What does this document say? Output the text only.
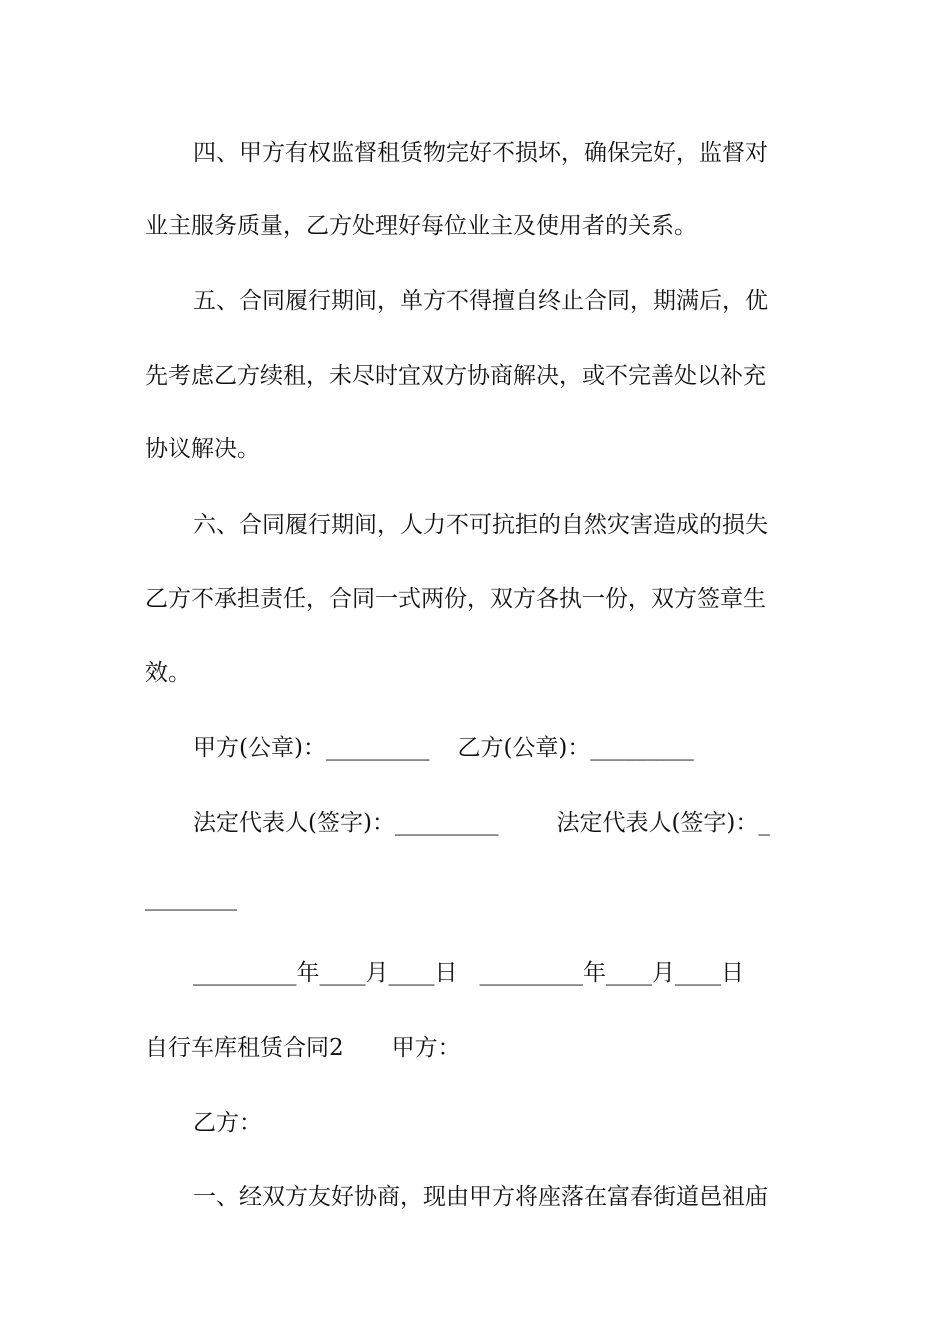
四、甲方有权监督租赁物完好不损坏，确保完好，监督对
业主服务质量，乙方处理好每位业主及使用者的关系。
五、合同履行期间，单方不得擅自终止合同，期满后，优
先考虑乙方续租，未尽时宜双方协商解决，或不完善处以补充
协议解决。
六、合同履行期间，人力不可抗拒的自然灾害造成的损失
乙方不承担责任，合同一式两份，双方各执一份，双方签章生
效。
甲方(公章)：_________ 乙方(公章)：_________
法定代表人(签字)：_________	法定代表人(签字)：_
________
_________年____月____日 _________年____月____日
自行车库租赁合同2 甲方：
乙方：
一、经双方友好协商，现由甲方将座落在富春街道邑祖庙
